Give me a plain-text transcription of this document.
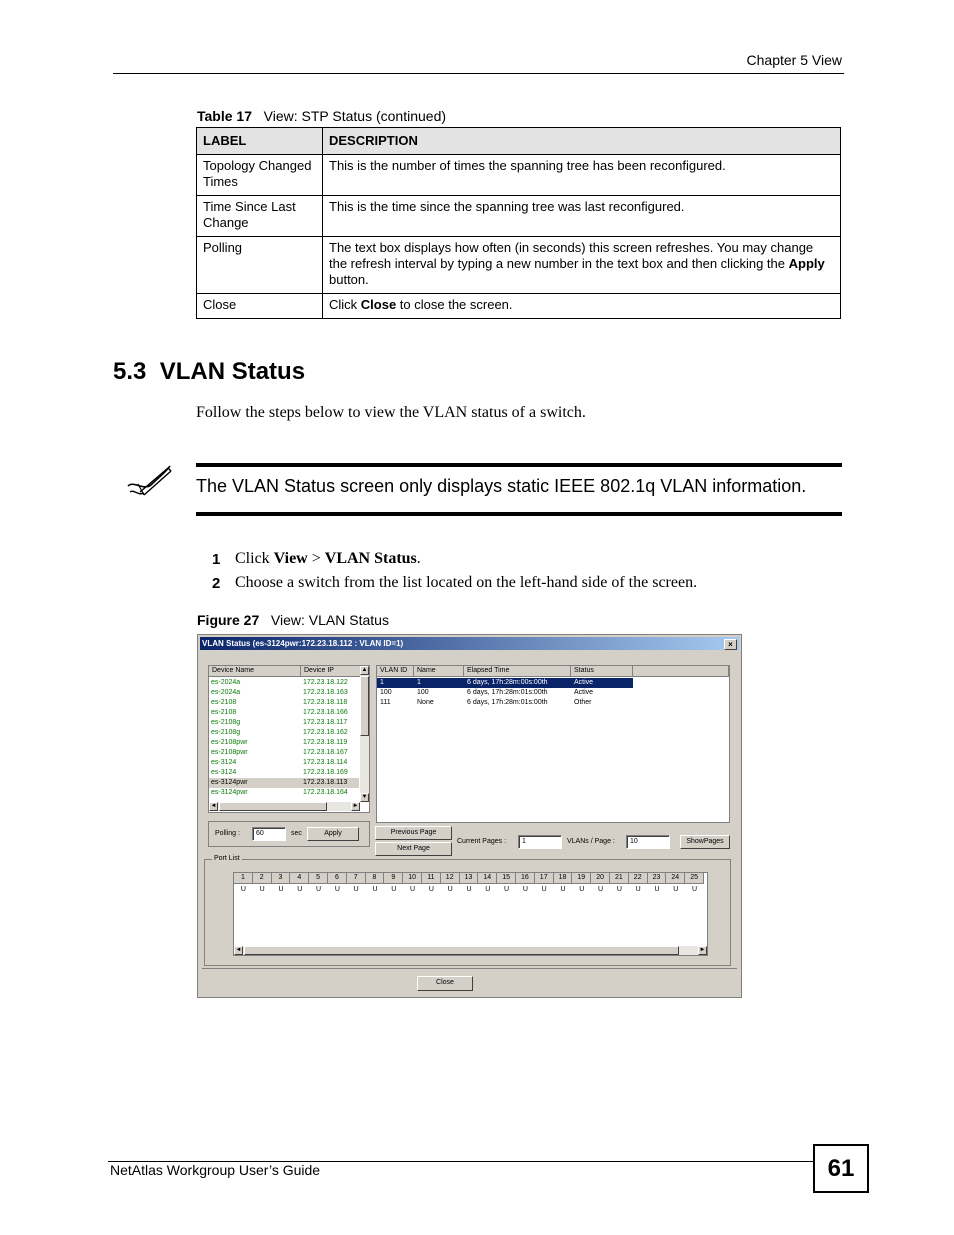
Chapter 5 View
Table 17 View: STP Status (continued)
LABEL	DESCRIPTION
Topology Changed Times	This is the number of times the spanning tree has been reconfigured.
Time Since Last Change	This is the time since the spanning tree was last reconfigured.
Polling	The text box displays how often (in seconds) this screen refreshes. You may change the refresh interval by typing a new number in the text box and then clicking the Apply button.
Close	Click Close to close the screen.
5.3  VLAN Status
Follow the steps below to view the VLAN status of a switch.
The VLAN Status screen only displays static IEEE 802.1q VLAN information.
1 Click View > VLAN Status.
2 Choose a switch from the list located on the left-hand side of the screen.
Figure 27 View: VLAN Status
VLAN Status (es-3124pwr:172.23.18.112 : VLAN ID=1)	×
Device Name	Device IP
es-2024a	172.23.18.122
es-2024a	172.23.18.163
es-2108	172.23.18.118
es-2108	172.23.18.166
es-2108g	172.23.18.117
es-2108g	172.23.18.162
es-2108pwr	172.23.18.119
es-2108pwr	172.23.18.167
es-3124	172.23.18.114
es-3124	172.23.18.169
es-3124pwr	172.23.18.113
es-3124pwr	172.23.18.164
▲
▼
◄	►
VLAN ID	Name	Elapsed Time	Status
1	1	6 days, 17h:28m:00s:00th	Active
100	100	6 days, 17h:28m:01s:00th	Active
111	None	6 days, 17h:28m:01s:00th	Other
Polling :	60	sec	Apply	Previous Page
Next Page
Current Pages :	1	VLANs / Page :	10	ShowPages
Port List
1	2	3	4	5	6	7	8	9	10	11	12	13	14	15	16	17	18	19	20	21	22	23	24	25
U	U	U	U	U	U	U	U	U	U	U	U	U	U	U	U	U	U	U	U	U	U	U	U	U
◄	►
Close
NetAtlas Workgroup User’s Guide	61
